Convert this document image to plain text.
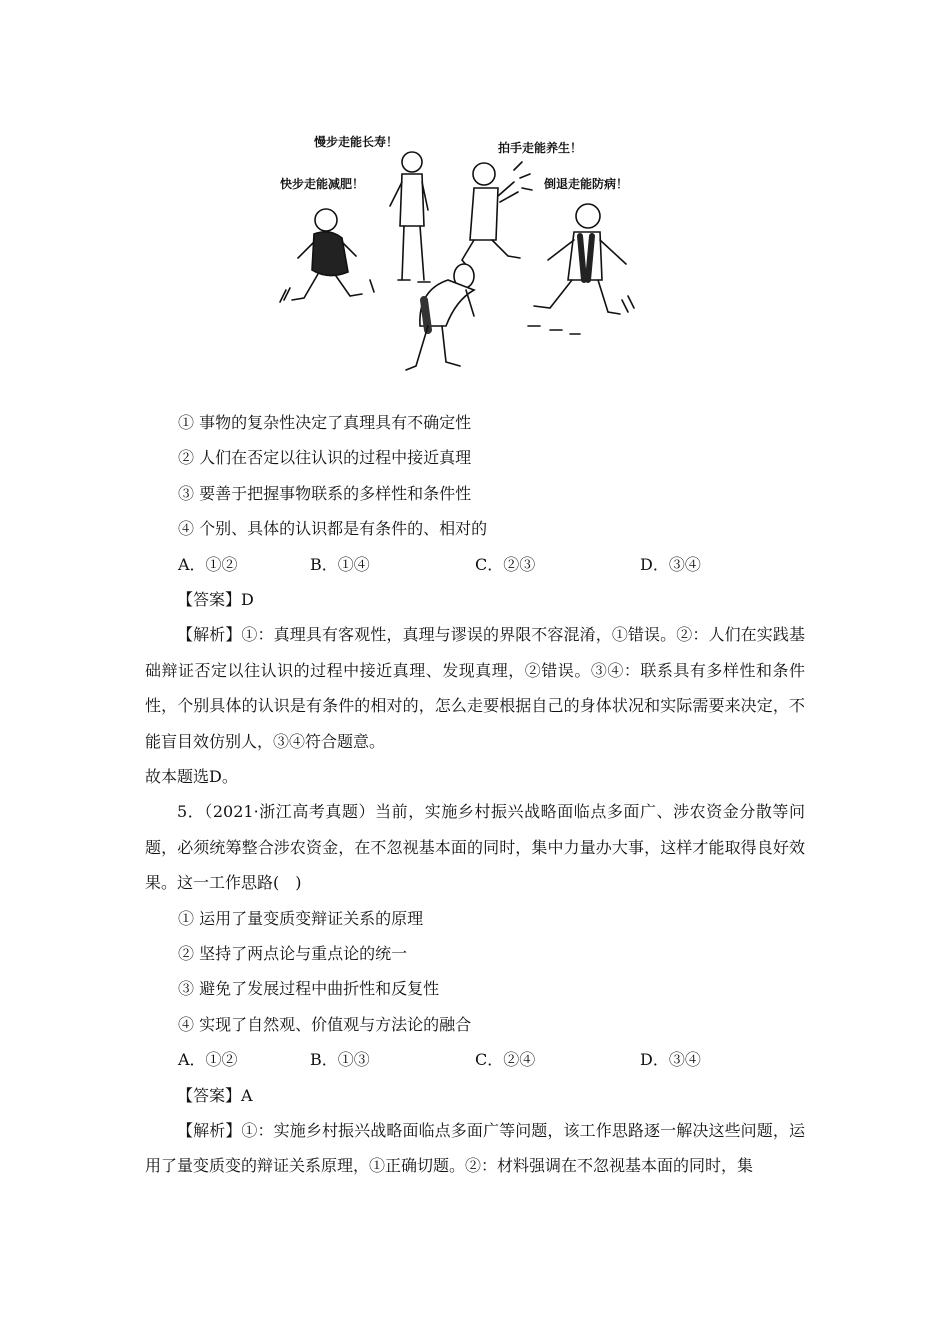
慢步走能长寿！
快步走能减肥！
拍手走能养生！
倒退走能防病！
① 事物的复杂性决定了真理具有不确定性
② 人们在否定以往认识的过程中接近真理
③ 要善于把握事物联系的多样性和条件性
④ 个别、具体的认识都是有条件的、相对的
A．①②	B．①④	C．②③	D．③④
【答案】D

【解析】①：真理具有客观性，真理与谬误的界限不容混淆，①错误。②：人们在实践基础辩证否定以往认识的过程中接近真理、发现真理，②错误。③④：联系具有多样性和条件性，个别具体的认识是有条件的相对的，怎么走要根据自己的身体状况和实际需要来决定，不能盲目效仿别人，③④符合题意。

故本题选D。

5．（2021·浙江高考真题）当前，实施乡村振兴战略面临点多面广、涉农资金分散等问题，必须统筹整合涉农资金，在不忽视基本面的同时，集中力量办大事，这样才能取得良好效果。这一工作思路(　)

① 运用了量变质变辩证关系的原理
② 坚持了两点论与重点论的统一
③ 避免了发展过程中曲折性和反复性
④ 实现了自然观、价值观与方法论的融合
A．①②	B．①③	C．②④	D．③④
【答案】A

【解析】①：实施乡村振兴战略面临点多面广等问题，该工作思路逐一解决这些问题，运用了量变质变的辩证关系原理，①正确切题。②：材料强调在不忽视基本面的同时，集
